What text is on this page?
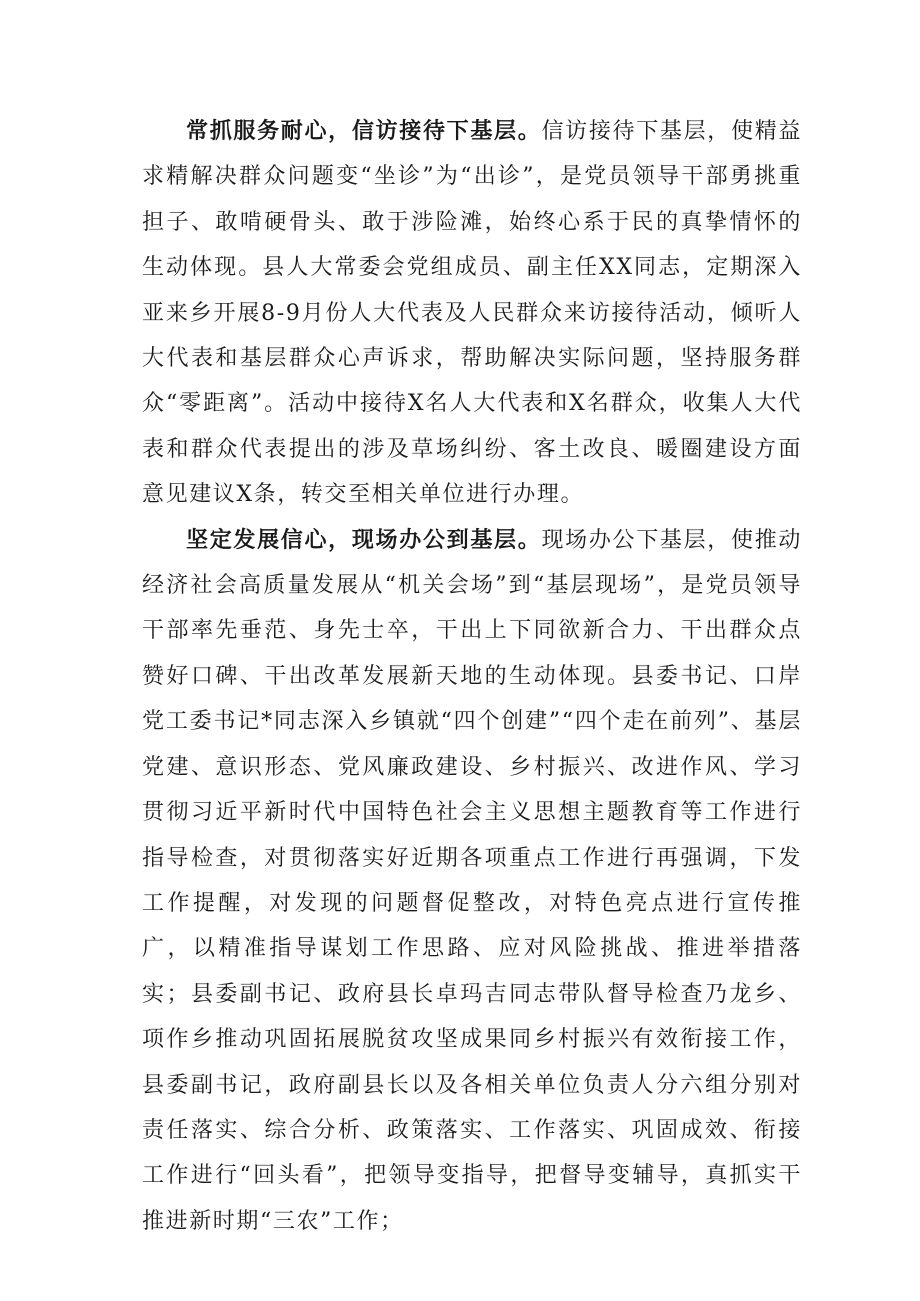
常抓服务耐心，信访接待下基层。信访接待下基层，使精益求精解决群众问题变“坐诊”为“出诊”，是党员领导干部勇挑重担子、敢啃硬骨头、敢于涉险滩，始终心系于民的真挚情怀的生动体现。县人大常委会党组成员、副主任XX同志，定期深入亚来乡开展8-9月份人大代表及人民群众来访接待活动，倾听人大代表和基层群众心声诉求，帮助解决实际问题，坚持服务群众“零距离”。活动中接待X名人大代表和X名群众，收集人大代表和群众代表提出的涉及草场纠纷、客土改良、暖圈建设方面意见建议X条，转交至相关单位进行办理。

坚定发展信心，现场办公到基层。现场办公下基层，使推动经济社会高质量发展从“机关会场”到“基层现场”，是党员领导干部率先垂范、身先士卒，干出上下同欲新合力、干出群众点赞好口碑、干出改革发展新天地的生动体现。县委书记、口岸党工委书记*同志深入乡镇就“四个创建”“四个走在前列”、基层党建、意识形态、党风廉政建设、乡村振兴、改进作风、学习贯彻习近平新时代中国特色社会主义思想主题教育等工作进行指导检查，对贯彻落实好近期各项重点工作进行再强调，下发工作提醒，对发现的问题督促整改，对特色亮点进行宣传推广，以精准指导谋划工作思路、应对风险挑战、推进举措落实；县委副书记、政府县长卓玛吉同志带队督导检查乃龙乡、项作乡推动巩固拓展脱贫攻坚成果同乡村振兴有效衔接工作，县委副书记，政府副县长以及各相关单位负责人分六组分别对责任落实、综合分析、政策落实、工作落实、巩固成效、衔接工作进行“回头看”，把领导变指导，把督导变辅导，真抓实干推进新时期“三农”工作；
